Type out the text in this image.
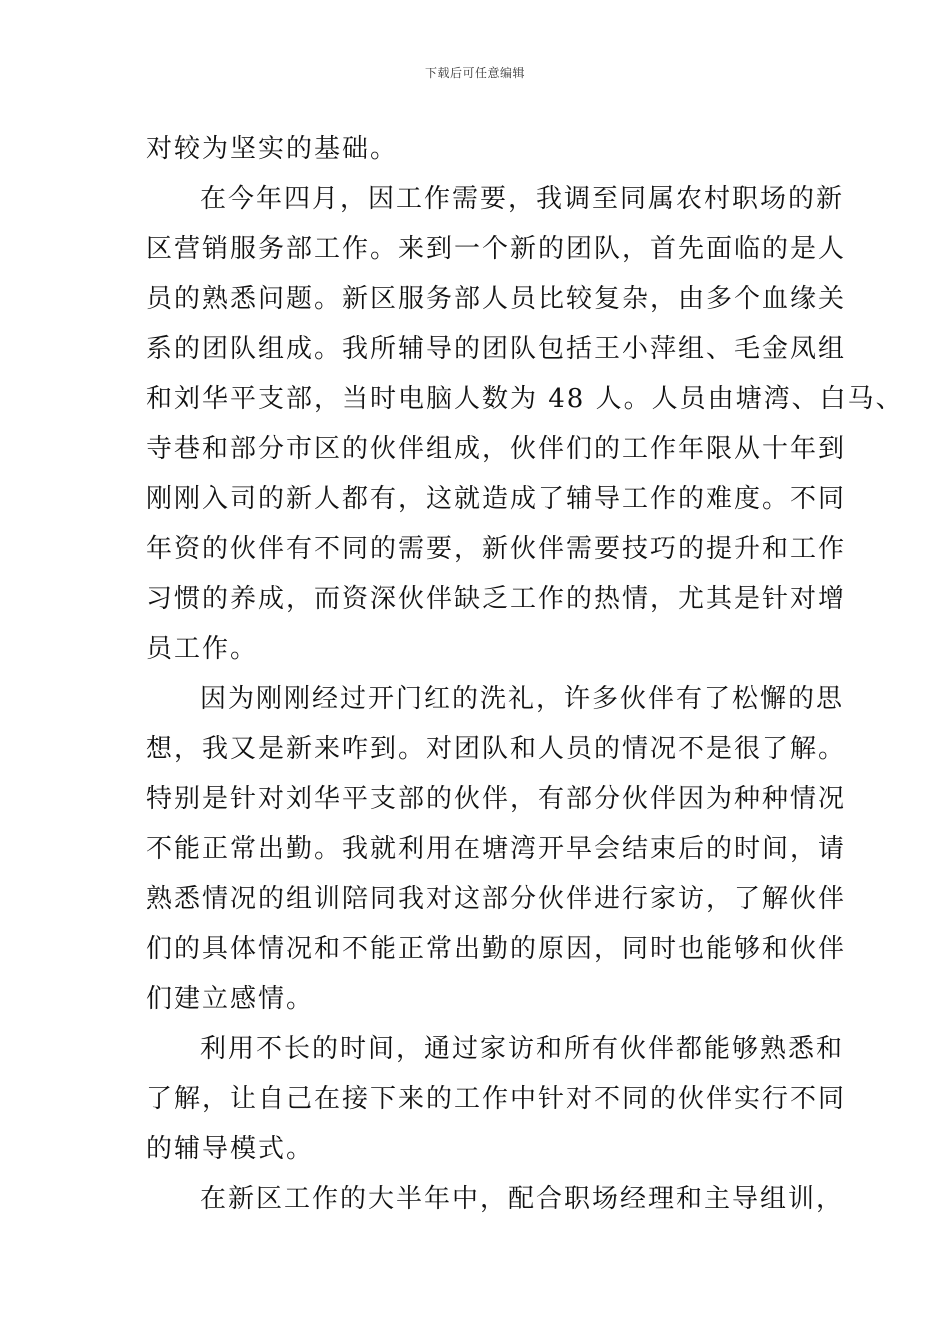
下载后可任意编辑
对较为坚实的基础。
在今年四月，因工作需要，我调至同属农村职场的新
区营销服务部工作。来到一个新的团队，首先面临的是人
员的熟悉问题。新区服务部人员比较复杂，由多个血缘关
系的团队组成。我所辅导的团队包括王小萍组、毛金凤组
和刘华平支部，当时电脑人数为 48 人。人员由塘湾、白马、
寺巷和部分市区的伙伴组成，伙伴们的工作年限从十年到
刚刚入司的新人都有，这就造成了辅导工作的难度。不同
年资的伙伴有不同的需要，新伙伴需要技巧的提升和工作
习惯的养成，而资深伙伴缺乏工作的热情，尤其是针对增
员工作。
因为刚刚经过开门红的洗礼，许多伙伴有了松懈的思
想，我又是新来咋到。对团队和人员的情况不是很了解。
特别是针对刘华平支部的伙伴，有部分伙伴因为种种情况
不能正常出勤。我就利用在塘湾开早会结束后的时间，请
熟悉情况的组训陪同我对这部分伙伴进行家访，了解伙伴
们的具体情况和不能正常出勤的原因，同时也能够和伙伴
们建立感情。
利用不长的时间，通过家访和所有伙伴都能够熟悉和
了解，让自己在接下来的工作中针对不同的伙伴实行不同
的辅导模式。
在新区工作的大半年中，配合职场经理和主导组训，
